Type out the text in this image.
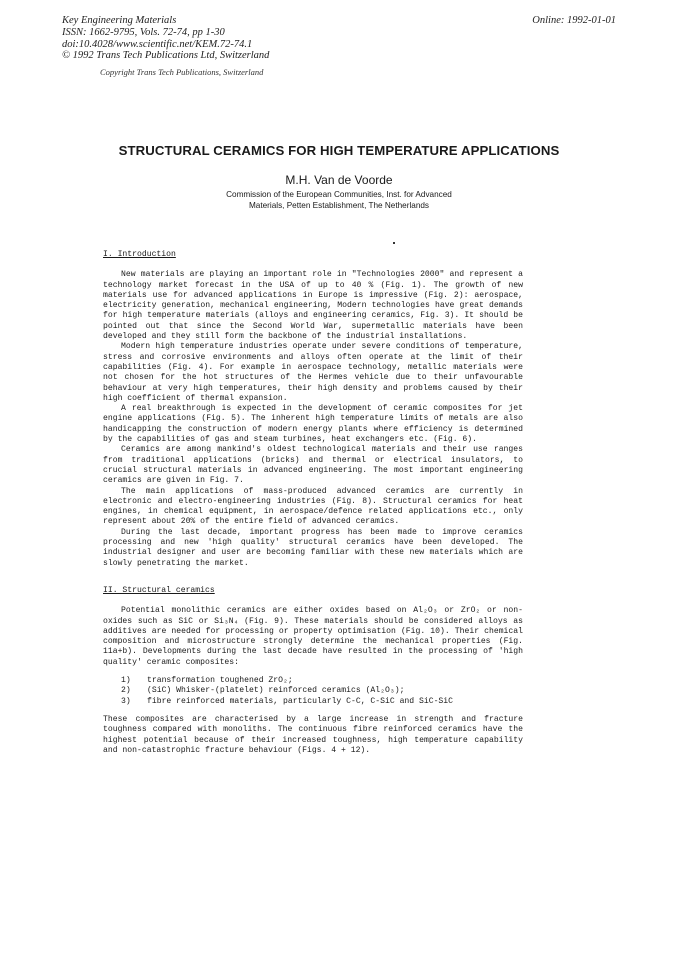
Key Engineering Materials
ISSN: 1662-9795, Vols. 72-74, pp 1-30
doi:10.4028/www.scientific.net/KEM.72-74.1
© 1992 Trans Tech Publications Ltd, Switzerland
Online: 1992-01-01
Copyright Trans Tech Publications, Switzerland
STRUCTURAL CERAMICS FOR HIGH TEMPERATURE APPLICATIONS
M.H. Van de Voorde
Commission of the European Communities, Inst. for Advanced
Materials, Petten Establishment, The Netherlands
I. Introduction

New materials are playing an important role in "Technologies 2000" and represent a technology market forecast in the USA of up to 40 % (Fig. 1). The growth of new materials use for advanced applications in Europe is impressive (Fig. 2): aerospace, electricity generation, mechanical engineering, Modern technologies have great demands for high temperature materials (alloys and engineering ceramics, Fig. 3). It should be pointed out that since the Second World War, supermetallic materials have been developed and they still form the backbone of the industrial installations.

Modern high temperature industries operate under severe conditions of temperature, stress and corrosive environments and alloys often operate at the limit of their capabilities (Fig. 4). For example in aerospace technology, metallic materials were not chosen for the hot structures of the Hermes vehicle due to their unfavourable behaviour at very high temperatures, their high density and problems caused by their high coefficient of thermal expansion.

A real breakthrough is expected in the development of ceramic composites for jet engine applications (Fig. 5). The inherent high temperature limits of metals are also handicapping the construction of modern energy plants where efficiency is determined by the capabilities of gas and steam turbines, heat exchangers etc. (Fig. 6).

Ceramics are among mankind's oldest technological materials and their use ranges from traditional applications (bricks) and thermal or electrical insulators, to crucial structural materials in advanced engineering. The most important engineering ceramics are given in Fig. 7.

The main applications of mass-produced advanced ceramics are currently in electronic and electro-engineering industries (Fig. 8). Structural ceramics for heat engines, in chemical equipment, in aerospace/defence related applications etc., only represent about 20% of the entire field of advanced ceramics.

During the last decade, important progress has been made to improve ceramics processing and new 'high quality' structural ceramics have been developed. The industrial designer and user are becoming familiar with these new materials which are slowly penetrating the market.

II. Structural ceramics

Potential monolithic ceramics are either oxides based on Al₂O₃ or ZrO₂ or non-oxides such as SiC or Si₃N₄ (Fig. 9). These materials should be considered alloys as additives are needed for processing or property optimisation (Fig. 10). Their chemical composition and microstructure strongly determine the mechanical properties (Fig. 11a+b). Developments during the last decade have resulted in the processing of 'high quality' ceramic composites:

1)	transformation toughened ZrO₂;
2)	(SiC) Whisker-(platelet) reinforced ceramics (Al₂O₃);
3)	fibre reinforced materials, particularly C-C, C-SiC and SiC-SiC

These composites are characterised by a large increase in strength and fracture toughness compared with monoliths. The continuous fibre reinforced ceramics have the highest potential because of their increased toughness, high temperature capability and non-catastrophic fracture behaviour (Figs. 4 + 12).
